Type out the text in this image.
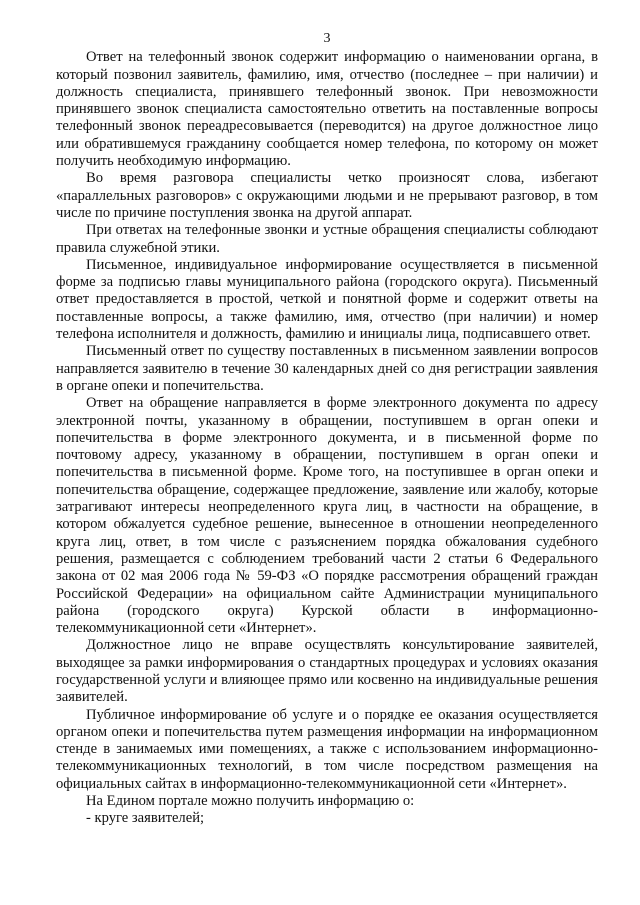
3

Ответ на телефонный звонок содержит информацию о наименовании органа, в который позвонил заявитель, фамилию, имя, отчество (последнее – при наличии) и должность специалиста, принявшего телефонный звонок. При невозможности принявшего звонок специалиста самостоятельно ответить на поставленные вопросы телефонный звонок переадресовывается (переводится) на другое должностное лицо или обратившемуся гражданину сообщается номер телефона, по которому он может получить необходимую информацию.

Во время разговора специалисты четко произносят слова, избегают «параллельных разговоров» с окружающими людьми и не прерывают разговор, в том числе по причине поступления звонка на другой аппарат.

При ответах на телефонные звонки и устные обращения специалисты соблюдают правила служебной этики.

Письменное, индивидуальное информирование осуществляется в письменной форме за подписью главы муниципального района (городского округа). Письменный ответ предоставляется в простой, четкой и понятной форме и содержит ответы на поставленные вопросы, а также фамилию, имя, отчество (при наличии) и номер телефона исполнителя и должность, фамилию и инициалы лица, подписавшего ответ.

Письменный ответ по существу поставленных в письменном заявлении вопросов направляется заявителю в течение 30 календарных дней со дня регистрации заявления в органе опеки и попечительства.

Ответ на обращение направляется в форме электронного документа по адресу электронной почты, указанному в обращении, поступившем в орган опеки и попечительства в форме электронного документа, и в письменной форме по почтовому адресу, указанному в обращении, поступившем в орган опеки и попечительства в письменной форме. Кроме того, на поступившее в орган опеки и попечительства обращение, содержащее предложение, заявление или жалобу, которые затрагивают интересы неопределенного круга лиц, в частности на обращение, в котором обжалуется судебное решение, вынесенное в отношении неопределенного круга лиц, ответ, в том числе с разъяснением порядка обжалования судебного решения, размещается с соблюдением требований части 2 статьи 6 Федерального закона от 02 мая 2006 года № 59-ФЗ «О порядке рассмотрения обращений граждан Российской Федерации» на официальном сайте Администрации муниципального района (городского округа) Курской области в информационно-телекоммуникационной сети «Интернет».

Должностное лицо не вправе осуществлять консультирование заявителей, выходящее за рамки информирования о стандартных процедурах и условиях оказания государственной услуги и влияющее прямо или косвенно на индивидуальные решения заявителей.

Публичное информирование об услуге и о порядке ее оказания осуществляется органом опеки и попечительства путем размещения информации на информационном стенде в занимаемых ими помещениях, а также с использованием информационно-телекоммуникационных технологий, в том числе посредством размещения на официальных сайтах в информационно-телекоммуникационной сети «Интернет».

На Едином портале можно получить информацию о:

- круге заявителей;
